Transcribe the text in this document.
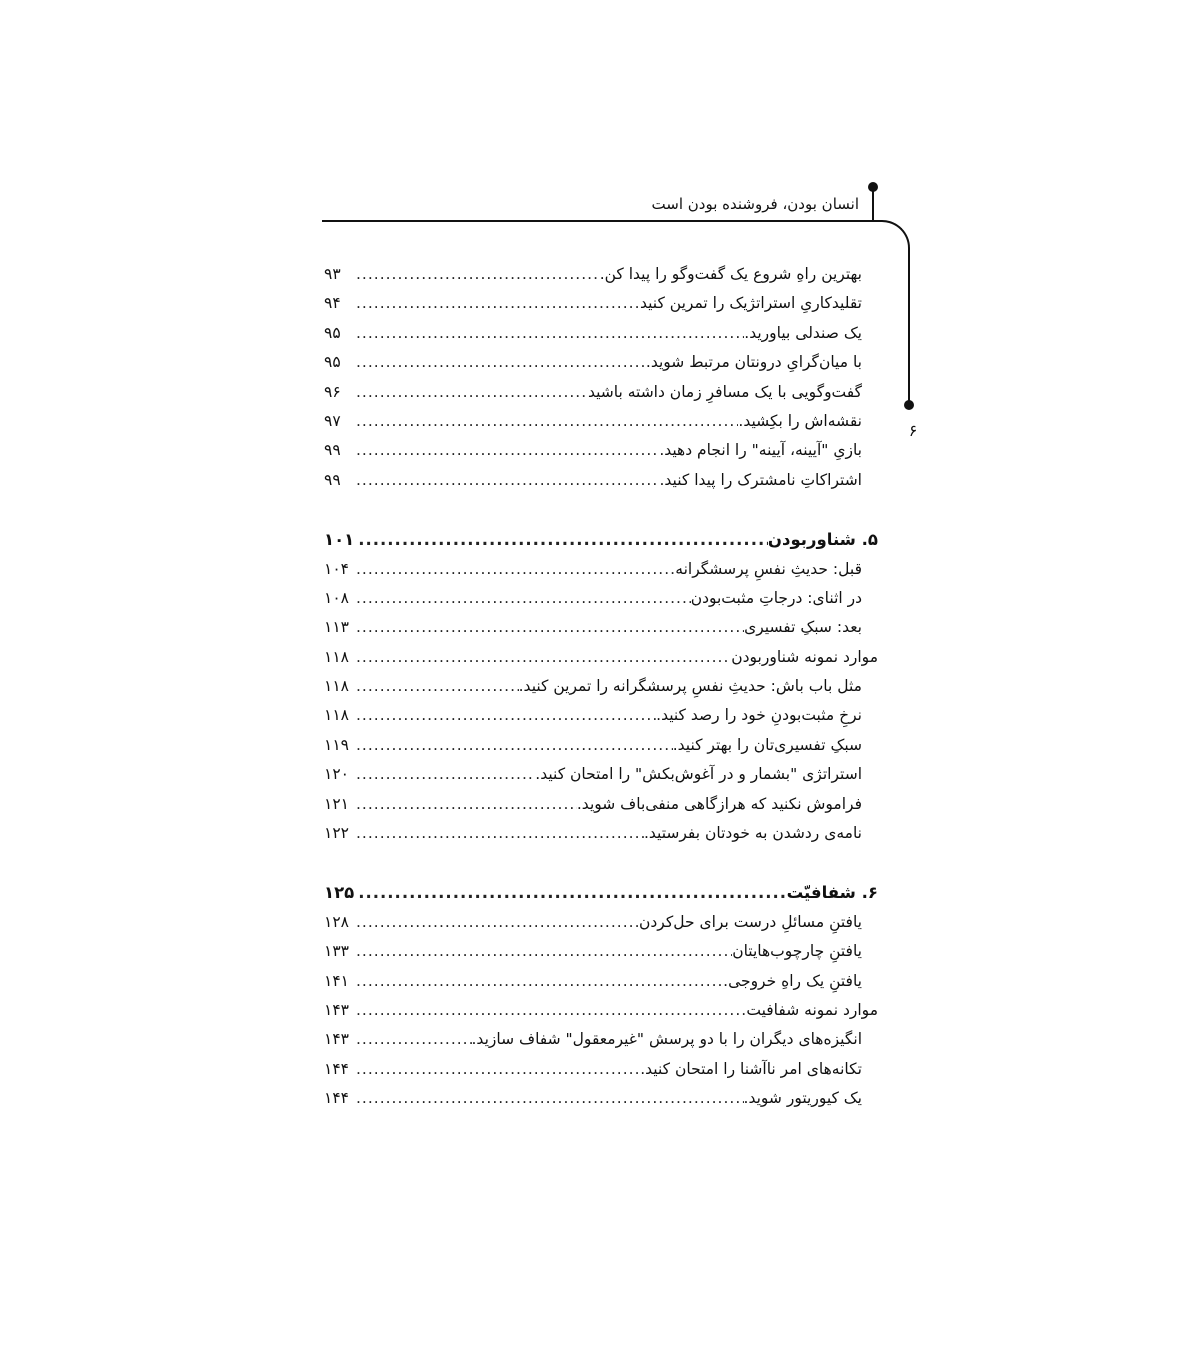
انسان بودن، فروشنده بودن است
۶
بهترین راهِ شروع یک گفت‌وگو را پیدا کن.
.....
۹۳
تقلیدکاریِ استراتژیک را تمرین کنید
.....
۹۴
یک صندلی بیاورید.
.....
۹۵
با میان‌گرایِ درونتان مرتبط شوید.
.....
۹۵
گفت‌وگویی با یک مسافرِ زمان داشته باشید
.....
۹۶
نقشه‌اش را بکِشید.
.....
۹۷
بازیِ "آیینه، آیینه" را انجام دهید.
.....
۹۹
اشتراکاتِ نامشترک را پیدا کنید.
.....
۹۹
۵. شناوربودن
.....
۱۰۱
قبل: حدیثِ نفسِ پرسشگرانه
.....
۱۰۴
در اثنای: درجاتِ مثبت‌بودن
.....
۱۰۸
بعد: سبکِ تفسیری
.....
۱۱۳
موارد نمونه شناوربودن
.....
۱۱۸
مثل باب باش: حدیثِ نفسِ پرسشگرانه را تمرین کنید.
.....
۱۱۸
نرخِ مثبت‌بودنِ خود را رصد کنید.
.....
۱۱۸
سبکِ تفسیری‌تان را بهتر کنید.
.....
۱۱۹
استراتژی "بشمار و در آغوش‌بکش" را امتحان کنید.
.....
۱۲۰
فراموش نکنید که هرازگاهی منفی‌باف شوید.
.....
۱۲۱
نامه‌ی ردشدن به خودتان بفرستید.
.....
۱۲۲
۶. شفافیّت
.....
۱۲۵
یافتنِ مسائلِ درست برای حل‌کردن
.....
۱۲۸
یافتنِ چارچوب‌هایتان
.....
۱۳۳
یافتنِ یک راهِ خروجی.
.....
۱۴۱
موارد نمونه شفافیت
.....
۱۴۳
انگیزه‌های دیگران را با دو پرسش "غیرمعقول" شفاف سازید.
.....
۱۴۳
تکانه‌های امر ناآشنا را امتحان کنید.
.....
۱۴۴
یک کیوریتور شوید.
.....
۱۴۴
